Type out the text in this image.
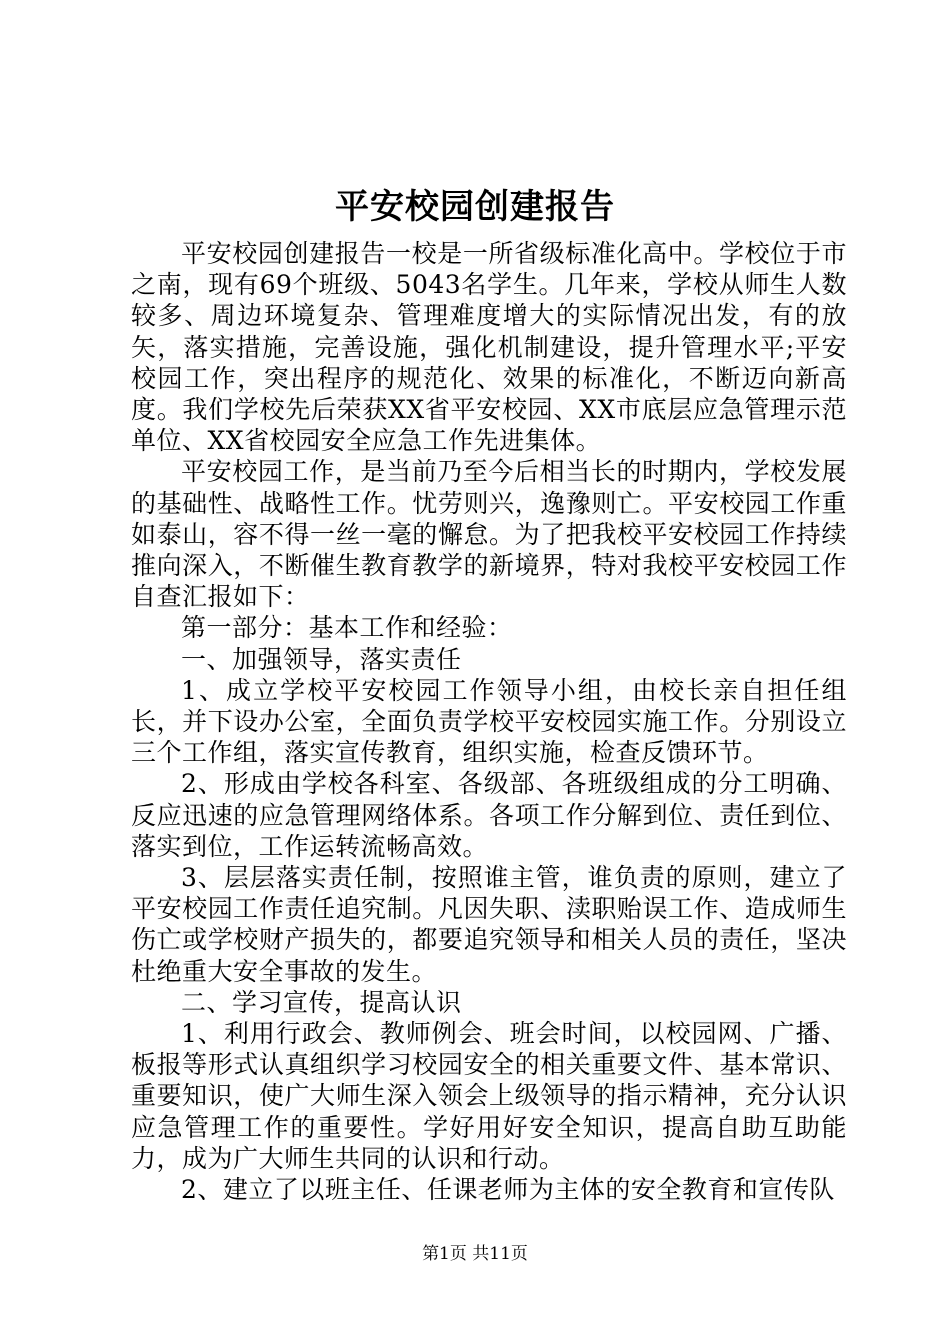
平安校园创建报告

平安校园创建报告一校是一所省级标准化高中。学校位于市之南，现有69个班级、5043名学生。几年来，学校从师生人数较多、周边环境复杂、管理难度增大的实际情况出发，有的放矢，落实措施，完善设施，强化机制建设，提升管理水平;平安校园工作，突出程序的规范化、效果的标准化，不断迈向新高度。我们学校先后荣获XX省平安校园、XX市底层应急管理示范单位、XX省校园安全应急工作先进集体。

平安校园工作，是当前乃至今后相当长的时期内，学校发展的基础性、战略性工作。忧劳则兴，逸豫则亡。平安校园工作重如泰山，容不得一丝一毫的懈怠。为了把我校平安校园工作持续推向深入，不断催生教育教学的新境界，特对我校平安校园工作自查汇报如下：

第一部分：基本工作和经验：

一、加强领导，落实责任

1、成立学校平安校园工作领导小组，由校长亲自担任组长，并下设办公室，全面负责学校平安校园实施工作。分别设立三个工作组，落实宣传教育，组织实施，检查反馈环节。

2、形成由学校各科室、各级部、各班级组成的分工明确、反应迅速的应急管理网络体系。各项工作分解到位、责任到位、落实到位，工作运转流畅高效。

3、层层落实责任制，按照谁主管，谁负责的原则，建立了平安校园工作责任追究制。凡因失职、渎职贻误工作、造成师生伤亡或学校财产损失的，都要追究领导和相关人员的责任，坚决杜绝重大安全事故的发生。

二、学习宣传，提高认识

1、利用行政会、教师例会、班会时间，以校园网、广播、板报等形式认真组织学习校园安全的相关重要文件、基本常识、重要知识，使广大师生深入领会上级领导的指示精神，充分认识应急管理工作的重要性。学好用好安全知识，提高自助互助能力，成为广大师生共同的认识和行动。

2、建立了以班主任、任课老师为主体的安全教育和宣传队

第1页 共11页
